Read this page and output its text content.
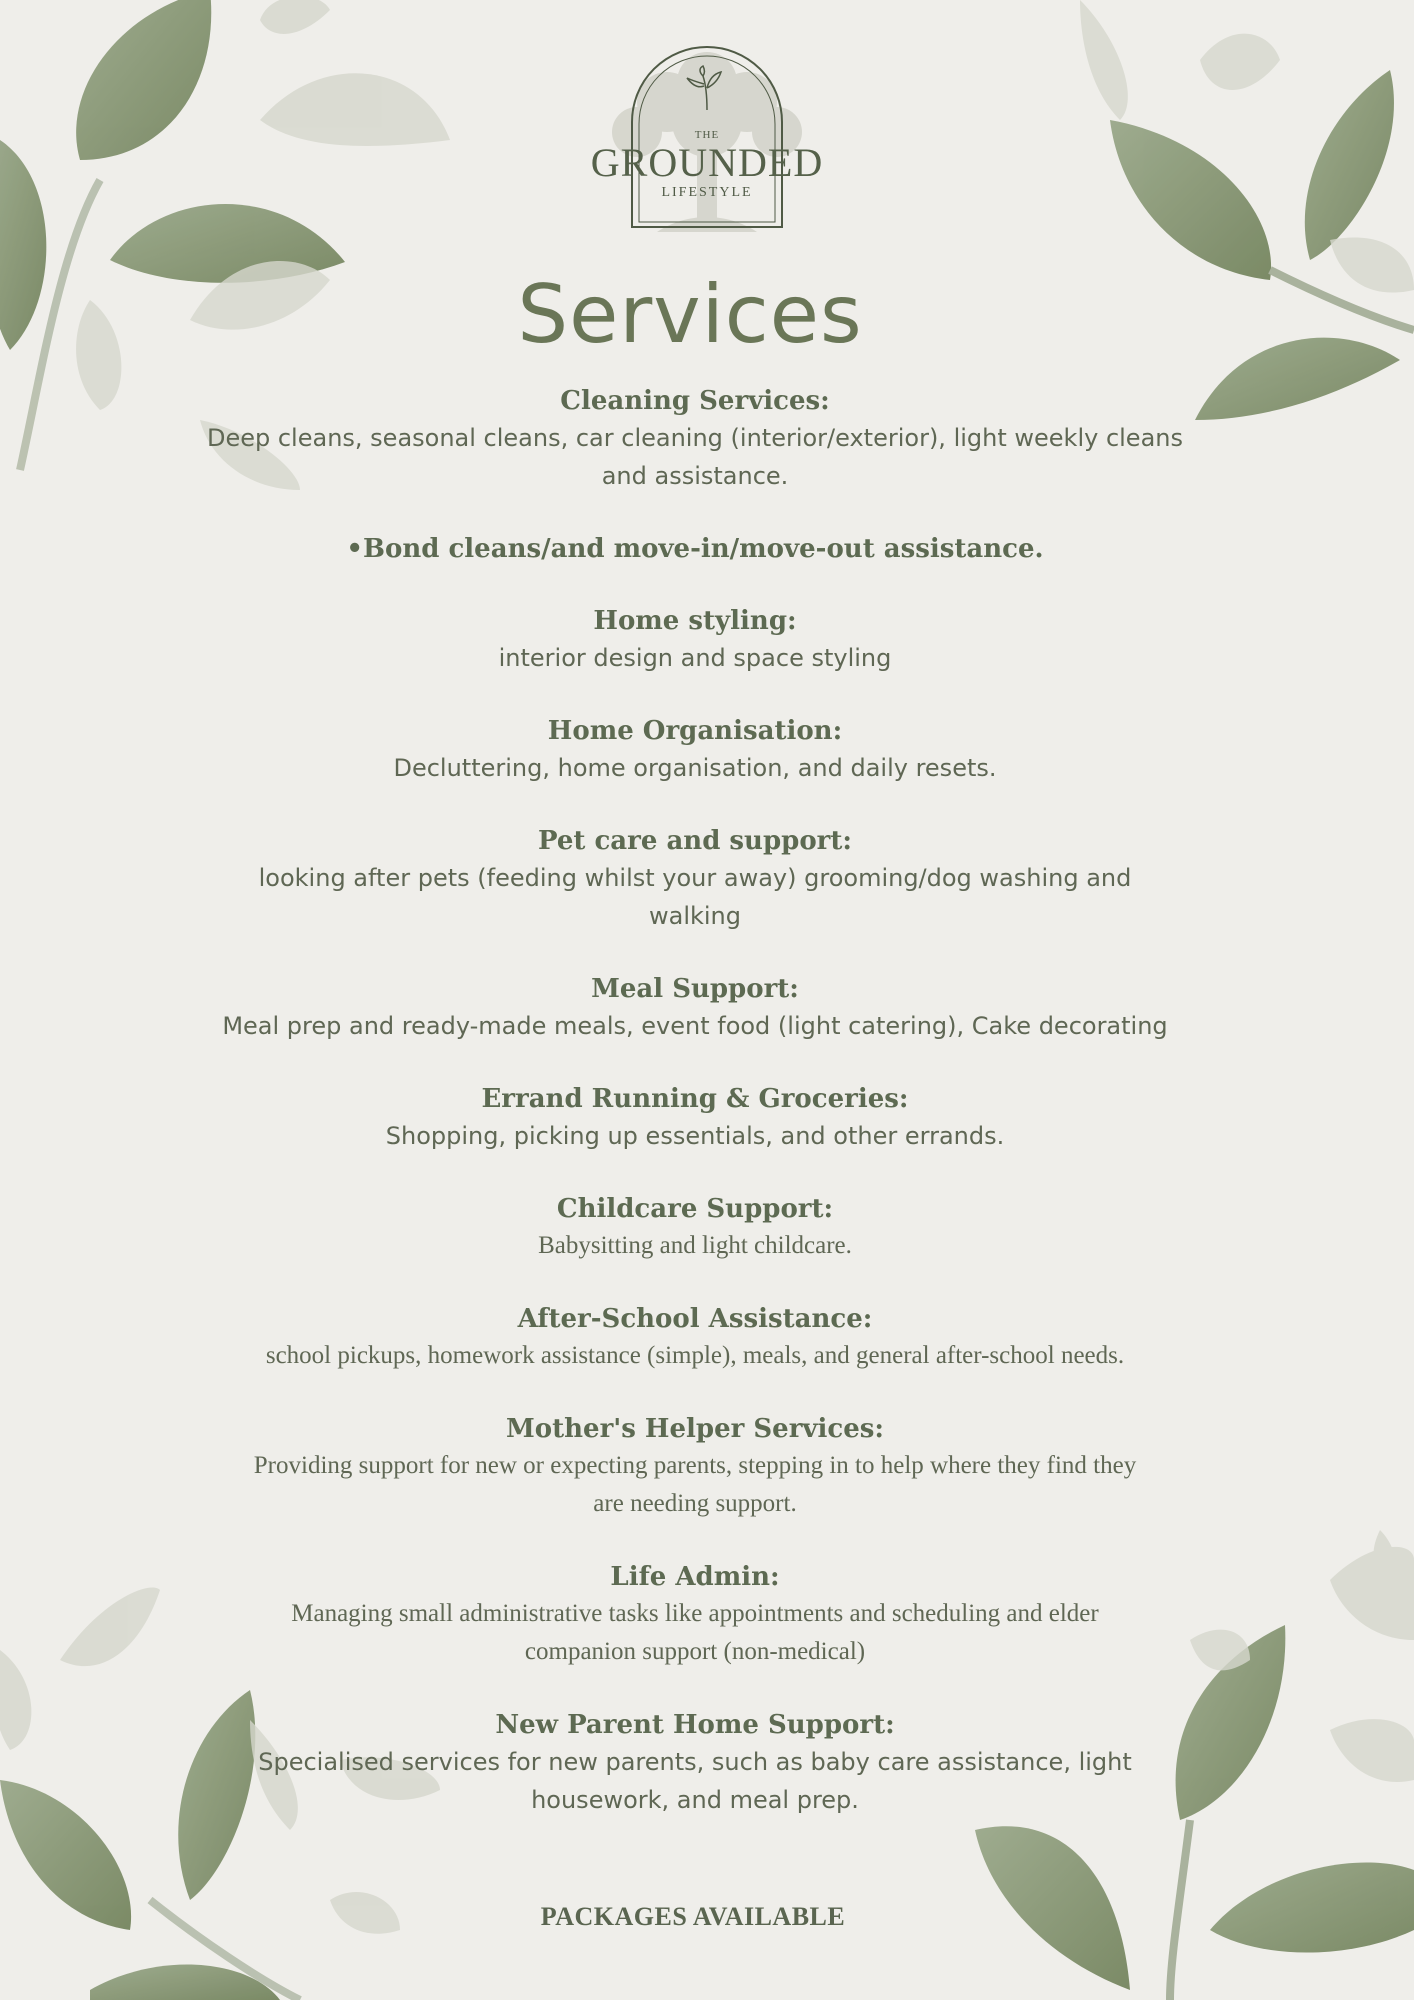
THE
GROUNDED
LIFESTYLE
Services
Cleaning Services:
Deep cleans, seasonal cleans, car cleaning (interior/exterior), light weekly cleans
and assistance.
•Bond cleans/and move-in/move-out assistance.
Home styling:
interior design and space styling
Home Organisation:
Decluttering, home organisation, and daily resets.
Pet care and support:
looking after pets (feeding whilst your away) grooming/dog washing and
walking
Meal Support:
Meal prep and ready-made meals, event food (light catering), Cake decorating
Errand Running & Groceries:
Shopping, picking up essentials, and other errands.
Childcare Support:
Babysitting and light childcare.
After-School Assistance:
school pickups, homework assistance (simple), meals, and general after-school needs.
Mother's Helper Services:
Providing support for new or expecting parents, stepping in to help where they find they
are needing support.
Life Admin:
Managing small administrative tasks like appointments and scheduling and elder
companion support (non-medical)
New Parent Home Support:
Specialised services for new parents, such as baby care assistance, light
housework, and meal prep.
PACKAGES AVAILABLE
